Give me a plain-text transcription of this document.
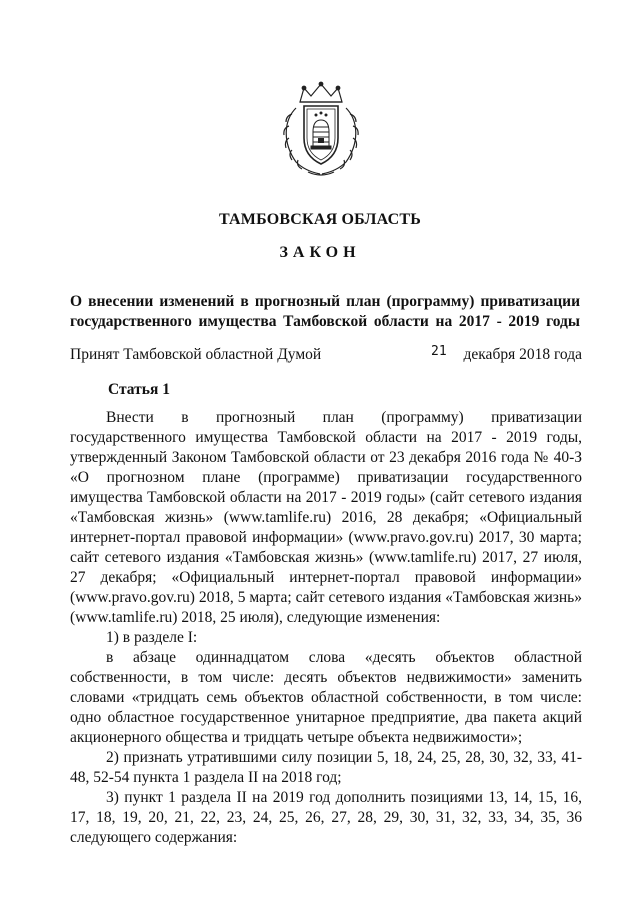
ТАМБОВСКАЯ ОБЛАСТЬ
ЗАКОН
О внесении изменений в прогнозный план (программу) приватизации государственного имущества Тамбовской области на 2017 - 2019 годы
Принят Тамбовской областной Думой	21 декабря 2018 года
Статья 1

Внести в прогнозный план (программу) приватизации государственного имущества Тамбовской области на 2017 - 2019 годы, утвержденный Законом Тамбовской области от 23 декабря 2016 года № 40-З «О прогнозном плане (программе) приватизации государственного имущества Тамбовской области на 2017 - 2019 годы» (сайт сетевого издания «Тамбовская жизнь» (www.tamlife.ru) 2016, 28 декабря; «Официальный интернет-портал правовой информации» (www.pravo.gov.ru) 2017, 30 марта; сайт сетевого издания «Тамбовская жизнь» (www.tamlife.ru) 2017, 27 июля, 27 декабря; «Официальный интернет-портал правовой информации» (www.pravo.gov.ru) 2018, 5 марта; сайт сетевого издания «Тамбовская жизнь» (www.tamlife.ru) 2018, 25 июля), следующие изменения:

1) в разделе I:

в абзаце одиннадцатом слова «десять объектов областной собственности, в том числе: десять объектов недвижимости» заменить словами «тридцать семь объектов областной собственности, в том числе: одно областное государственное унитарное предприятие, два пакета акций акционерного общества и тридцать четыре объекта недвижимости»;

2) признать утратившими силу позиции 5, 18, 24, 25, 28, 30, 32, 33, 41-48, 52-54 пункта 1 раздела II на 2018 год;

3) пункт 1 раздела II на 2019 год дополнить позициями 13, 14, 15, 16, 17, 18, 19, 20, 21, 22, 23, 24, 25, 26, 27, 28, 29, 30, 31, 32, 33, 34, 35, 36 следующего содержания:
